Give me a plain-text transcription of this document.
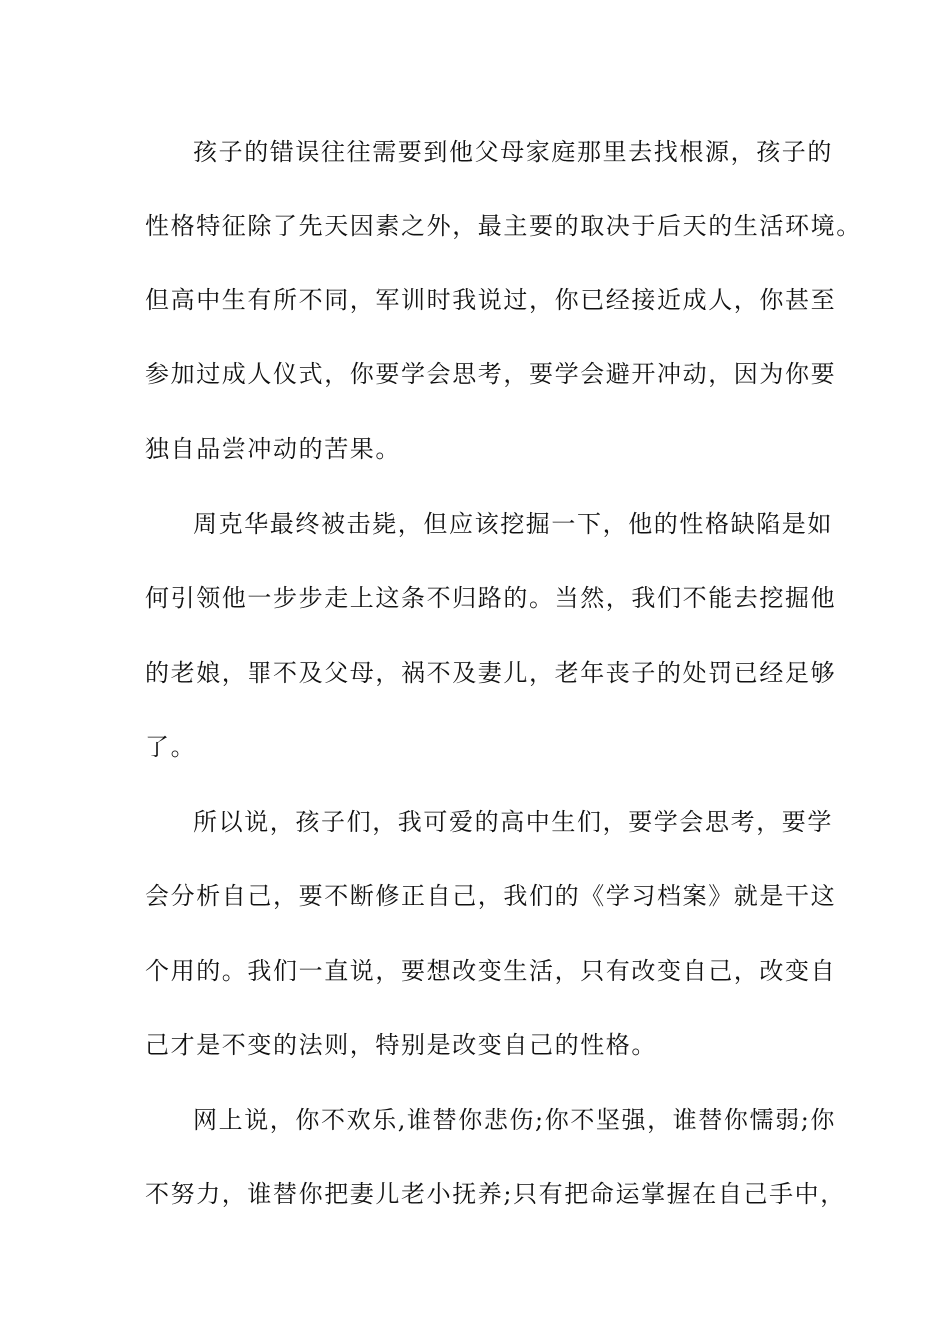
孩子的错误往往需要到他父母家庭那里去找根源，孩子的
性格特征除了先天因素之外，最主要的取决于后天的生活环境。
但高中生有所不同，军训时我说过，你已经接近成人，你甚至
参加过成人仪式，你要学会思考，要学会避开冲动，因为你要
独自品尝冲动的苦果。
周克华最终被击毙，但应该挖掘一下，他的性格缺陷是如
何引领他一步步走上这条不归路的。当然，我们不能去挖掘他
的老娘，罪不及父母，祸不及妻儿，老年丧子的处罚已经足够
了。
所以说，孩子们，我可爱的高中生们，要学会思考，要学
会分析自己，要不断修正自己，我们的《学习档案》就是干这
个用的。我们一直说，要想改变生活，只有改变自己，改变自
己才是不变的法则，特别是改变自己的性格。
网上说，你不欢乐,谁替你悲伤;你不坚强，谁替你懦弱;你
不努力，谁替你把妻儿老小抚养;只有把命运掌握在自己手中，
